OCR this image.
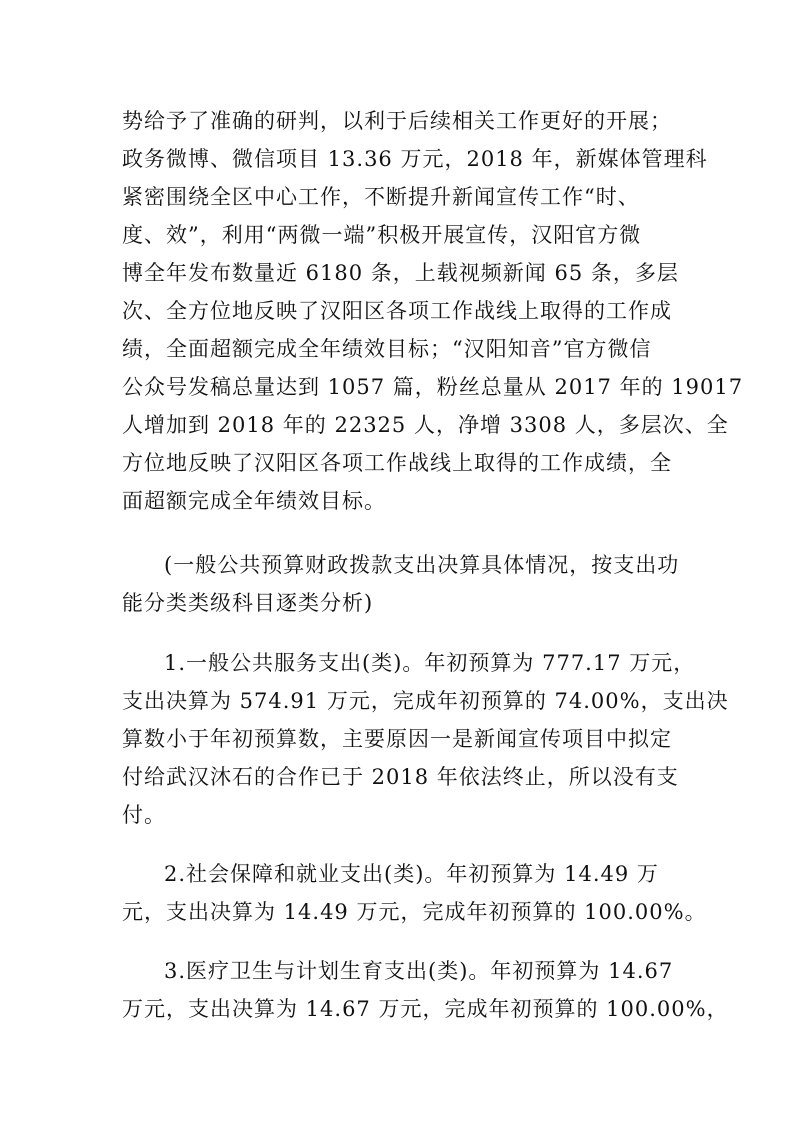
势给予了准确的研判，以利于后续相关工作更好的开展；
政务微博、微信项目 13.36 万元，2018 年，新媒体管理科
紧密围绕全区中心工作，不断提升新闻宣传工作“时、
度、效”，利用“两微一端”积极开展宣传，汉阳官方微
博全年发布数量近 6180 条，上载视频新闻 65 条，多层
次、全方位地反映了汉阳区各项工作战线上取得的工作成
绩，全面超额完成全年绩效目标；“汉阳知音”官方微信
公众号发稿总量达到 1057 篇，粉丝总量从 2017 年的 19017
人增加到 2018 年的 22325 人，净增 3308 人，多层次、全
方位地反映了汉阳区各项工作战线上取得的工作成绩，全
面超额完成全年绩效目标。

(一般公共预算财政拨款支出决算具体情况，按支出功
能分类类级科目逐类分析)

1.一般公共服务支出(类)。年初预算为 777.17 万元，
支出决算为 574.91 万元，完成年初预算的 74.00%，支出决
算数小于年初预算数，主要原因一是新闻宣传项目中拟定
付给武汉沐石的合作已于 2018 年依法终止，所以没有支
付。

2.社会保障和就业支出(类)。年初预算为 14.49 万
元，支出决算为 14.49 万元，完成年初预算的 100.00%。

3.医疗卫生与计划生育支出(类)。年初预算为 14.67
万元，支出决算为 14.67 万元，完成年初预算的 100.00%，
